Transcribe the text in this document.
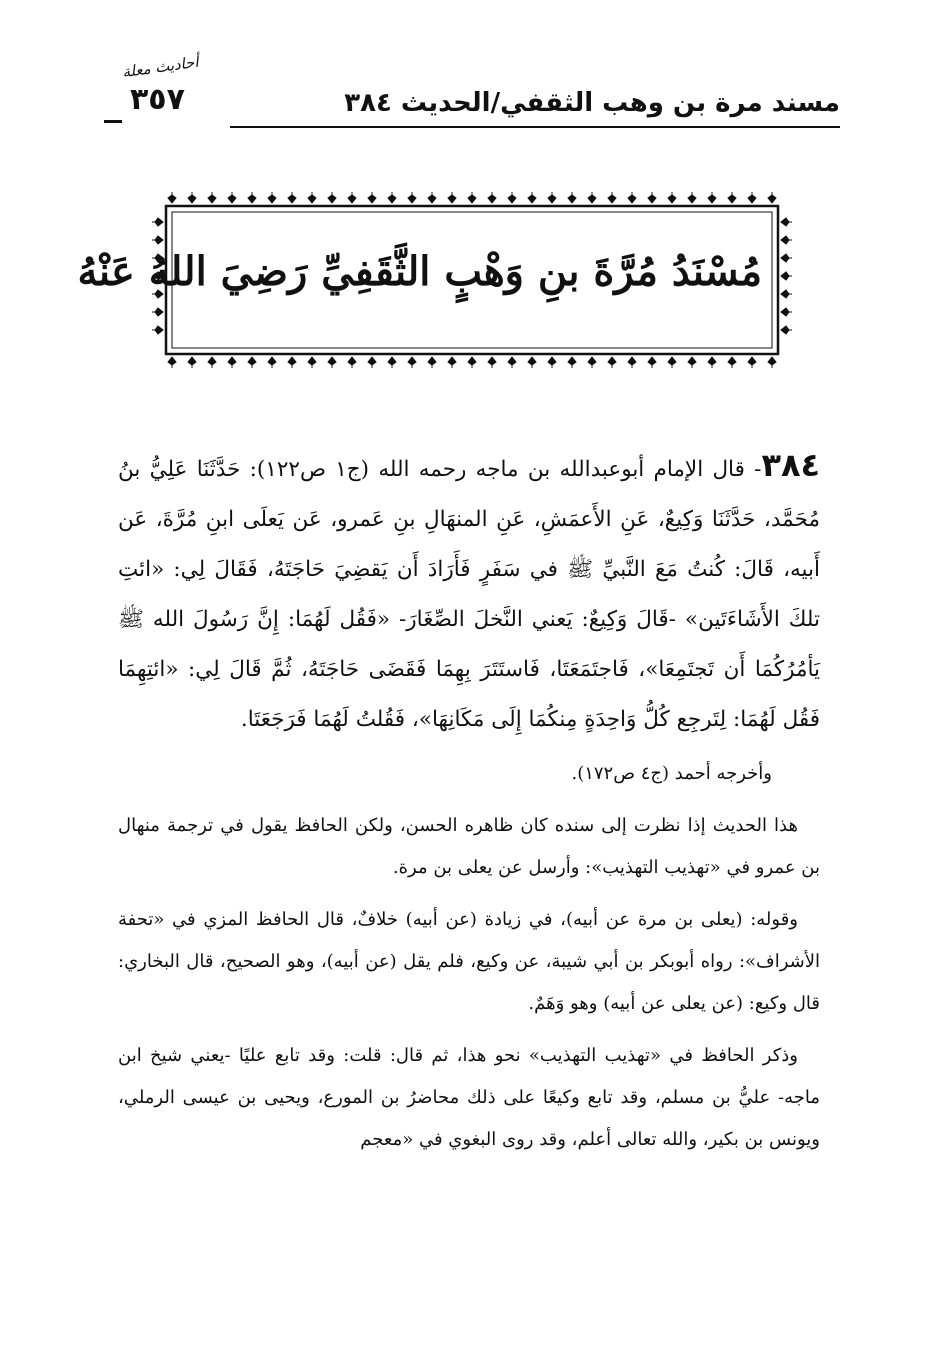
مسند مرة بن وهب الثقفي/الحديث ٣٨٤
٣٥٧
أحاديث معلة
مُسْنَدُ مُرَّةَ بنِ وَهْبٍ الثَّقَفِيِّ رَضِيَ اللهُ عَنْهُ

٣٨٤- قال الإمام أبوعبدالله بن ماجه رحمه الله (ج١ ص١٢٢): حَدَّثَنَا عَلِيُّ بنُ مُحَمَّد، حَدَّثَنَا وَكِيعٌ، عَنِ الأَعمَشِ، عَنِ المنهَالِ بنِ عَمرو، عَن يَعلَى ابنِ مُرَّةَ، عَن أَبيه، قَالَ: كُنتُ مَعَ النَّبيِّ ﷺ في سَفَرٍ فَأَرَادَ أَن يَقضِيَ حَاجَتَهُ، فَقَالَ لِي: «ائتِ تلكَ الأَشَاءَتَين» -قَالَ وَكِيعٌ: يَعني النَّخلَ الصِّغَارَ- «فَقُل لَهُمَا: إِنَّ رَسُولَ الله ﷺ يَأمُرُكُمَا أَن تَجتَمِعَا»، فَاجتَمَعَتَا، فَاستَتَرَ بِهِمَا فَقَضَى حَاجَتَهُ، ثُمَّ قَالَ لِي: «ائتِهِمَا فَقُل لَهُمَا: لِتَرجِع كُلُّ وَاحِدَةٍ مِنكُمَا إِلَى مَكَانِهَا»، فَقُلتُ لَهُمَا فَرَجَعَتَا.

وأخرجه أحمد (ج٤ ص١٧٢).

هذا الحديث إذا نظرت إلى سنده كان ظاهره الحسن، ولكن الحافظ يقول في ترجمة منهال بن عمرو في «تهذيب التهذيب»: وأرسل عن يعلى بن مرة.

وقوله: (يعلى بن مرة عن أبيه)، في زيادة (عن أبيه) خلافٌ، قال الحافظ المزي في «تحفة الأشراف»: رواه أبوبكر بن أبي شيبة، عن وكيع، فلم يقل (عن أبيه)، وهو الصحيح، قال البخاري: قال وكيع: (عن يعلى عن أبيه) وهو وَهَمٌ.

وذكر الحافظ في «تهذيب التهذيب» نحو هذا، ثم قال: قلت: وقد تابع عليًا -يعني شيخ ابن ماجه- عليُّ بن مسلم، وقد تابع وكيعًا على ذلك محاضرُ بن المورع، ويحيى بن عيسى الرملي، ويونس بن بكير، والله تعالى أعلم، وقد روى البغوي في «معجم
